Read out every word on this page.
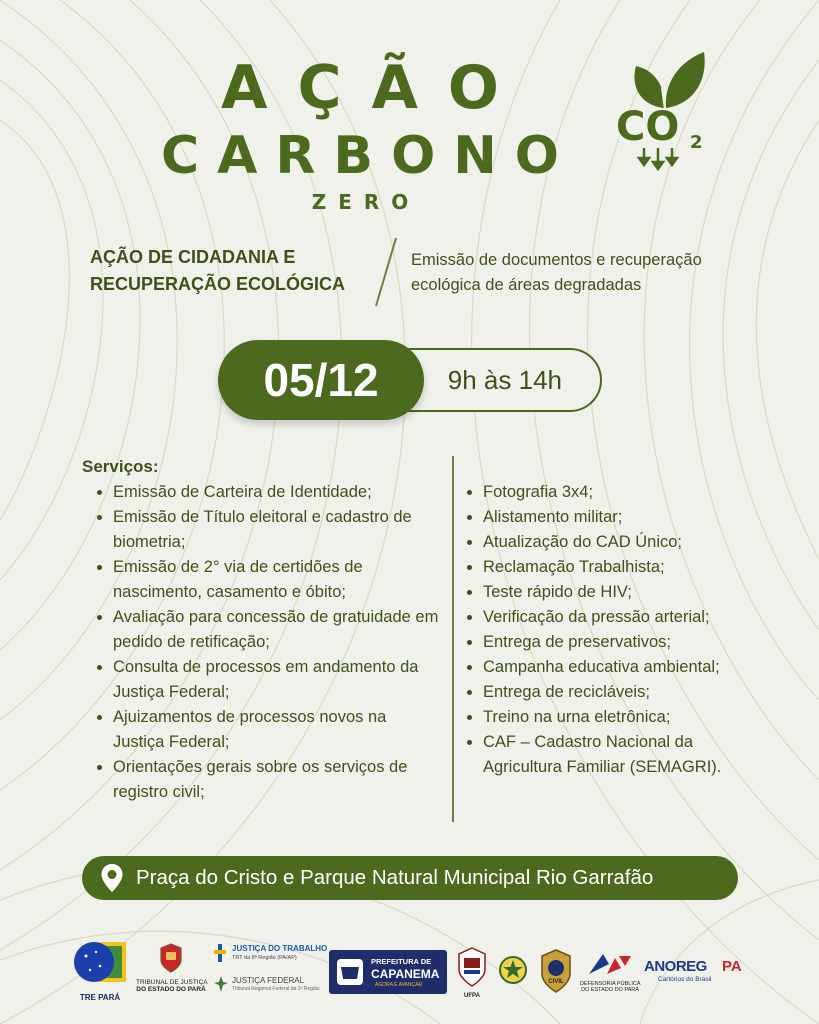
AÇÃO
CARBONO
ZERO
CO 2
AÇÃO DE CIDADANIA E
RECUPERAÇÃO ECOLÓGICA
Emissão de documentos e recuperação
ecológica de áreas degradadas
9h às 14h
05/12
Serviços:
Emissão de Carteira de Identidade;
Emissão de Título eleitoral e cadastro de biometria;
Emissão de 2° via de certidões de nascimento, casamento e óbito;
Avaliação para concessão de gratuidade em pedido de retificação;
Consulta de processos em andamento da Justiça Federal;
Ajuizamentos de processos novos na Justiça Federal;
Orientações gerais sobre os serviços de registro civil;
Fotografia 3x4;
Alistamento militar;
Atualização do CAD Único;
Reclamação Trabalhista;
Teste rápido de HIV;
Verificação da pressão arterial;
Entrega de preservativos;
Campanha educativa ambiental;
Entrega de recicláveis;
Treino na urna eletrônica;
CAF – Cadastro Nacional da Agricultura Familiar (SEMAGRI).
Praça do Cristo e Parque Natural Municipal Rio Garrafão
TRE PARÁ
TRIBUNAL DE JUSTIÇA
DO ESTADO DO PARÁ
JUSTIÇA DO TRABALHO
TRT da 8ª Região (PA/AP)
JUSTIÇA FEDERAL
Tribunal Regional Federal da 1ª Região
PREFEITURA DE
CAPANEMA
AGORA É AVANÇAR
UFPA
CIVIL	DEFENSORIA PÚBLICA
DO ESTADO DO PARÁ
ANOREG PA
Cartórios do Brasil
